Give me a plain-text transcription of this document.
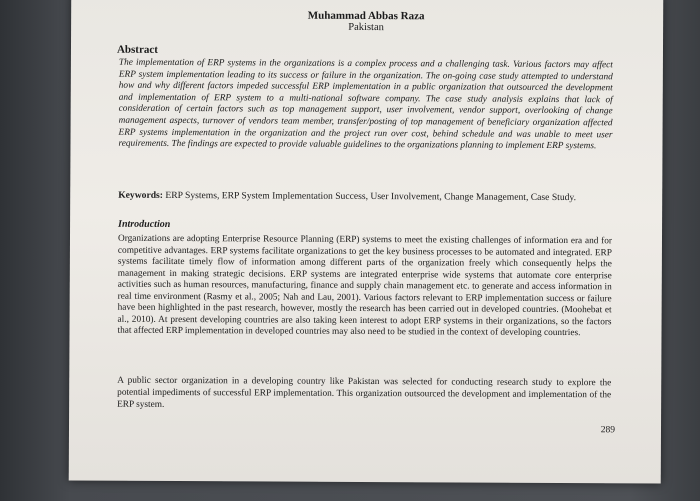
Muhammad Abbas Raza
Pakistan
Abstract
The implementation of ERP systems in the organizations is a complex process and a challenging task. Various factors may affect ERP system implementation leading to its success or failure in the organization. The on-going case study attempted to understand how and why different factors impeded successful ERP implementation in a public organization that outsourced the development and implementation of ERP system to a multi-national software company. The case study analysis explains that lack of consideration of certain factors such as top management support, user involvement, vendor support, overlooking of change management aspects, turnover of vendors team member, transfer/posting of top management of beneficiary organization affected ERP systems implementation in the organization and the project run over cost, behind schedule and was unable to meet user requirements. The findings are expected to provide valuable guidelines to the organizations planning to implement ERP systems.
Keywords: ERP Systems, ERP System Implementation Success, User Involvement, Change Management, Case Study.
Introduction
Organizations are adopting Enterprise Resource Planning (ERP) systems to meet the existing challenges of information era and for competitive advantages. ERP systems facilitate organizations to get the key business processes to be automated and integrated. ERP systems facilitate timely flow of information among different parts of the organization freely which consequently helps the management in making strategic decisions. ERP systems are integrated enterprise wide systems that automate core enterprise activities such as human resources, manufacturing, finance and supply chain management etc. to generate and access information in real time environment (Rasmy et al., 2005; Nah and Lau, 2001). Various factors relevant to ERP implementation success or failure have been highlighted in the past research, however, mostly the research has been carried out in developed countries. (Moohebat et al., 2010). At present developing countries are also taking keen interest to adopt ERP systems in their organizations, so the factors that affected ERP implementation in developed countries may also need to be studied in the context of developing countries.
A public sector organization in a developing country like Pakistan was selected for conducting research study to explore the potential impediments of successful ERP implementation. This organization outsourced the development and implementation of the ERP system.
289
